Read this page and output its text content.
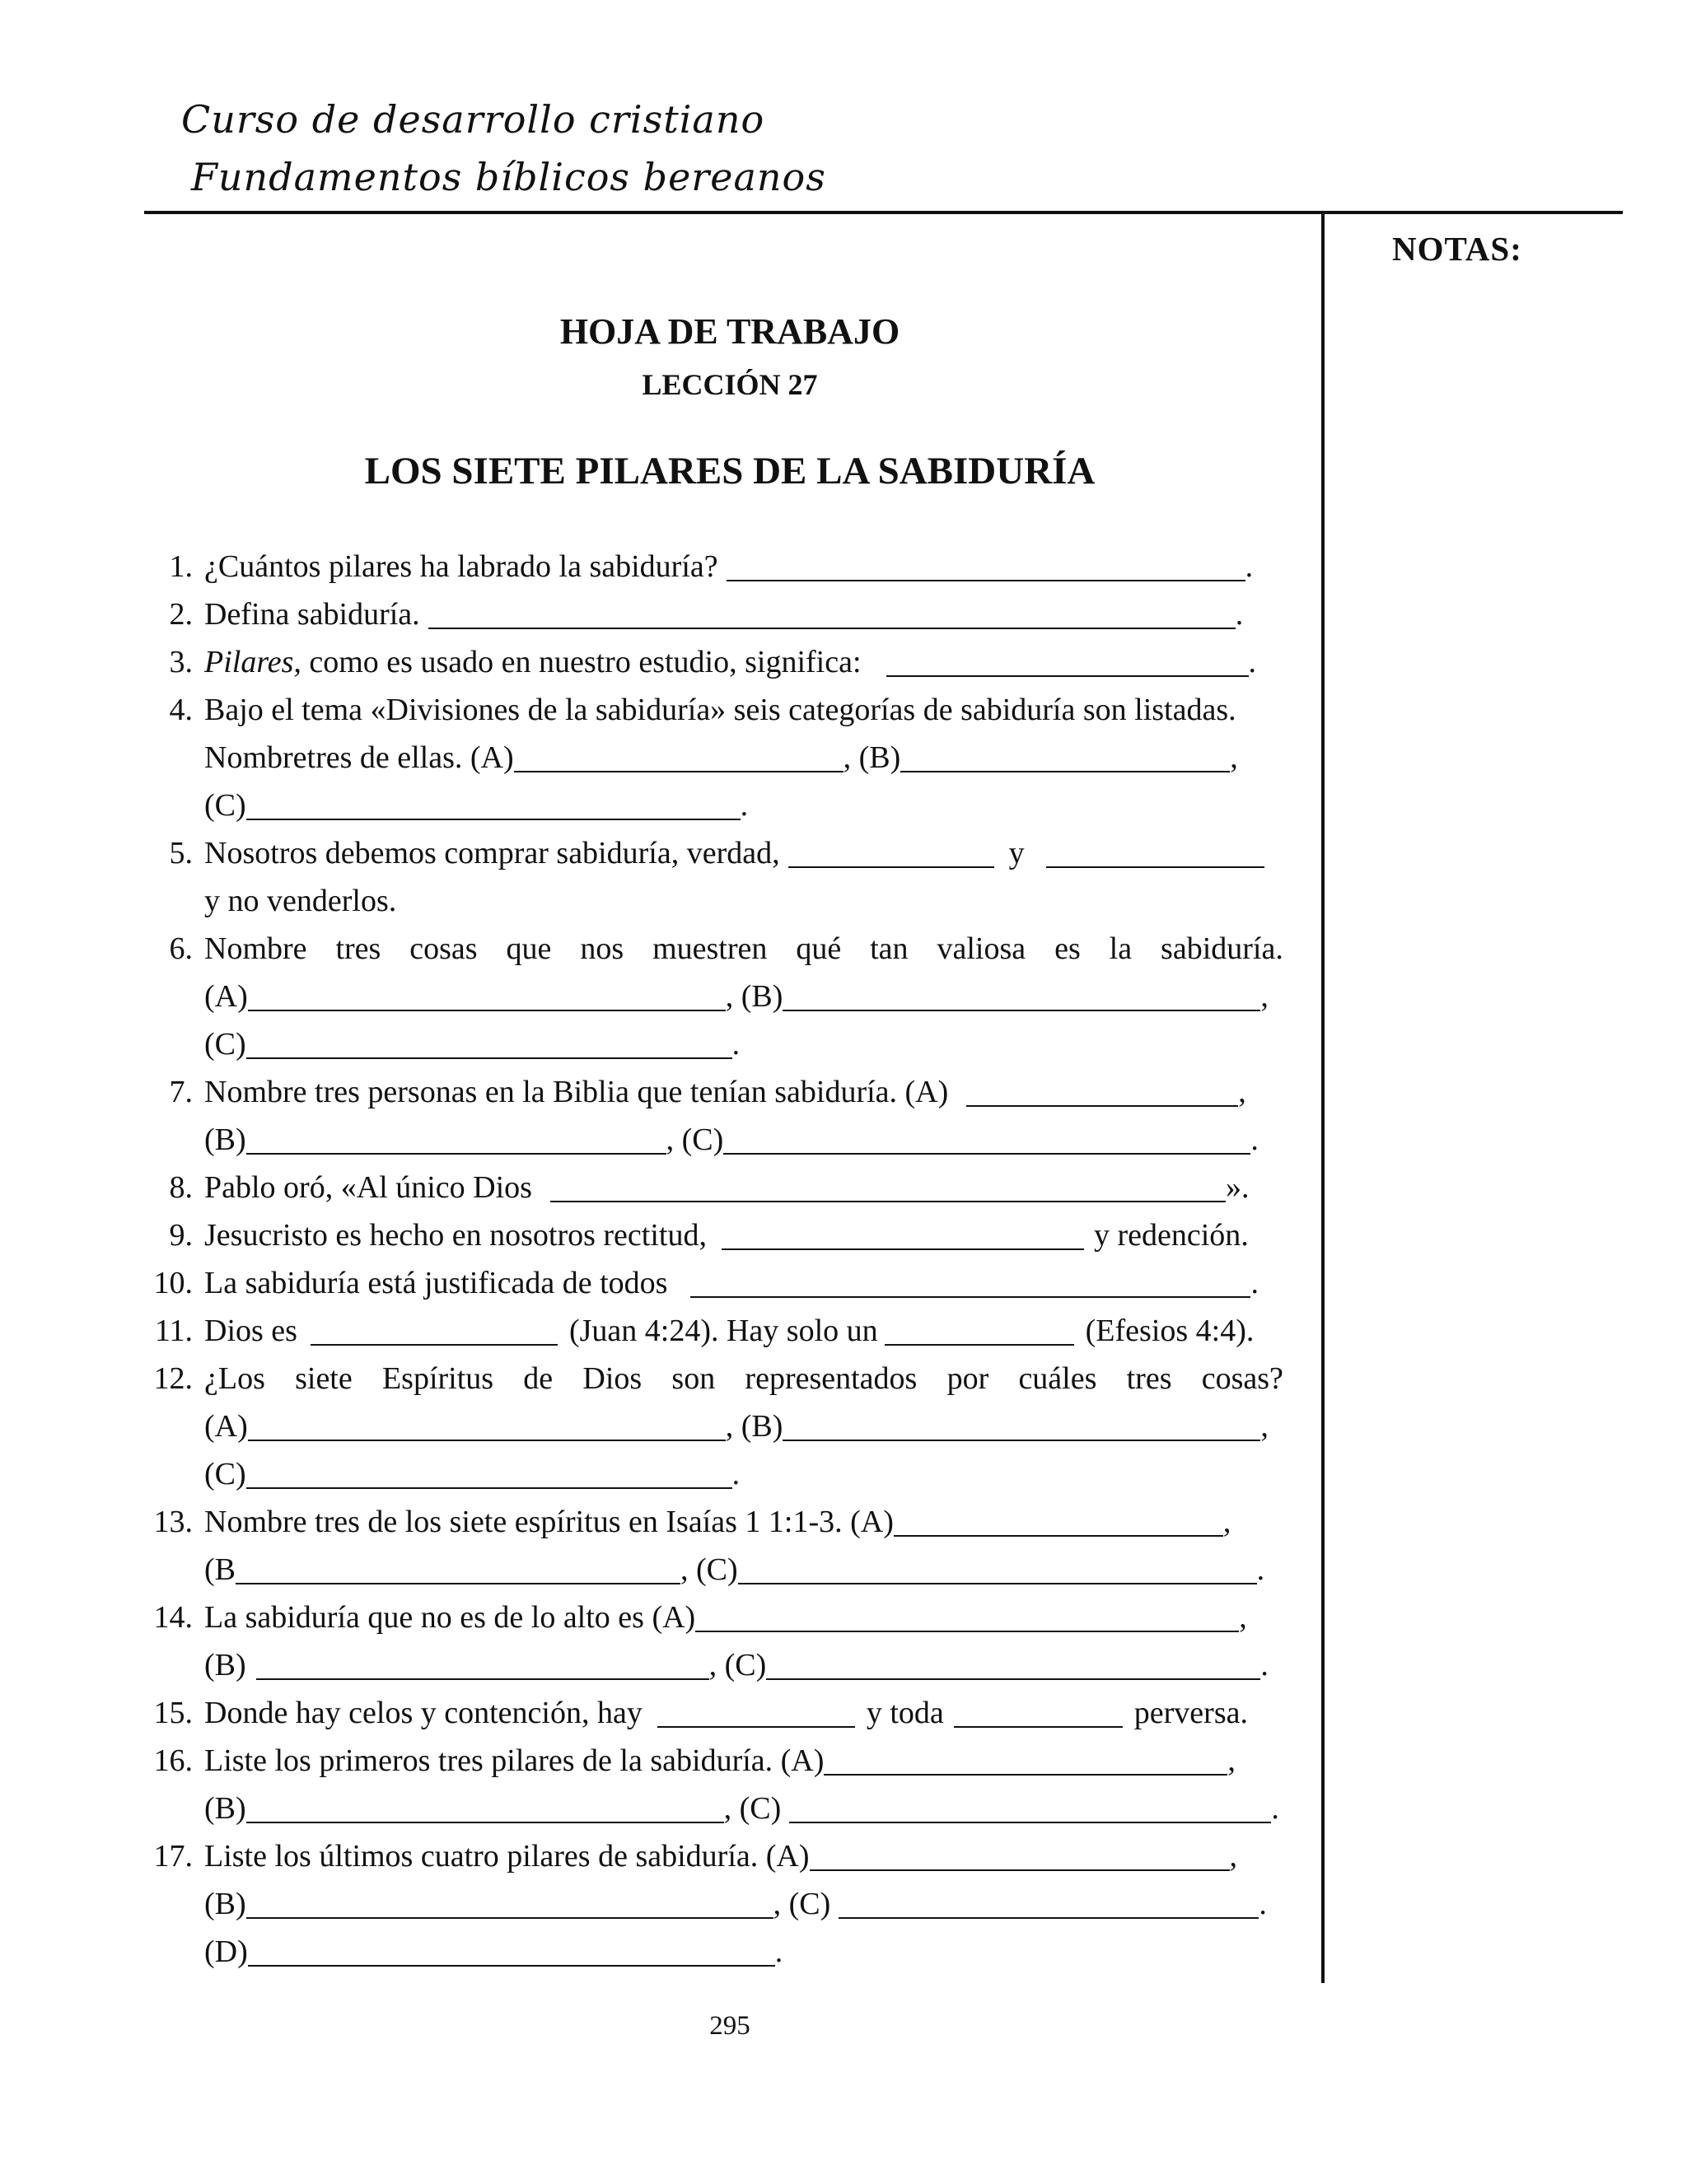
Curso de desarrollo cristiano
Fundamentos bíblicos bereanos
NOTAS:
HOJA DE TRABAJO
LECCIÓN 27
LOS SIETE PILARES DE LA SABIDURÍA
1. ¿Cuántos pilares ha labrado la sabiduría?	.
2. Defina sabiduría.	.
3. Pilares,
como es usado en nuestro estudio, significa:	.
4. Bajo el tema «Divisiones de la sabiduría» seis categorías de sabiduría son listadas.
Nombretres de ellas. (A)	, (B)	,
(C)	.
5. Nosotros debemos comprar sabiduría, verdad,	y
y no venderlos.
6. Nombre tres cosas que nos muestren qué tan valiosa es la sabiduría.
(A)	, (B)	,
(C)	.
7. Nombre tres personas en la Biblia que tenían sabiduría. (A)	,
(B)	, (C)	.
8. Pablo oró, «Al único Dios	».
9. Jesucristo es hecho en nosotros rectitud,	y redención.
10. La sabiduría está justificada de todos	.
11. Dios es	(Juan 4:24). Hay solo un	(Efesios 4:4).
12. ¿Los siete Espíritus de Dios son representados por cuáles tres cosas?
(A)	, (B)	,
(C)	.
13. Nombre tres de los siete espíritus en Isaías 1 1:1-3. (A)	,
(B	, (C)	.
14. La sabiduría que no es de lo alto es (A)	,
(B)	, (C)	.
15. Donde hay celos y contención, hay	y toda	perversa.
16. Liste los primeros tres pilares de la sabiduría. (A)	,
(B)	, (C)	.
17. Liste los últimos cuatro pilares de sabiduría. (A)	,
(B)	, (C)	.
(D)	.
295
